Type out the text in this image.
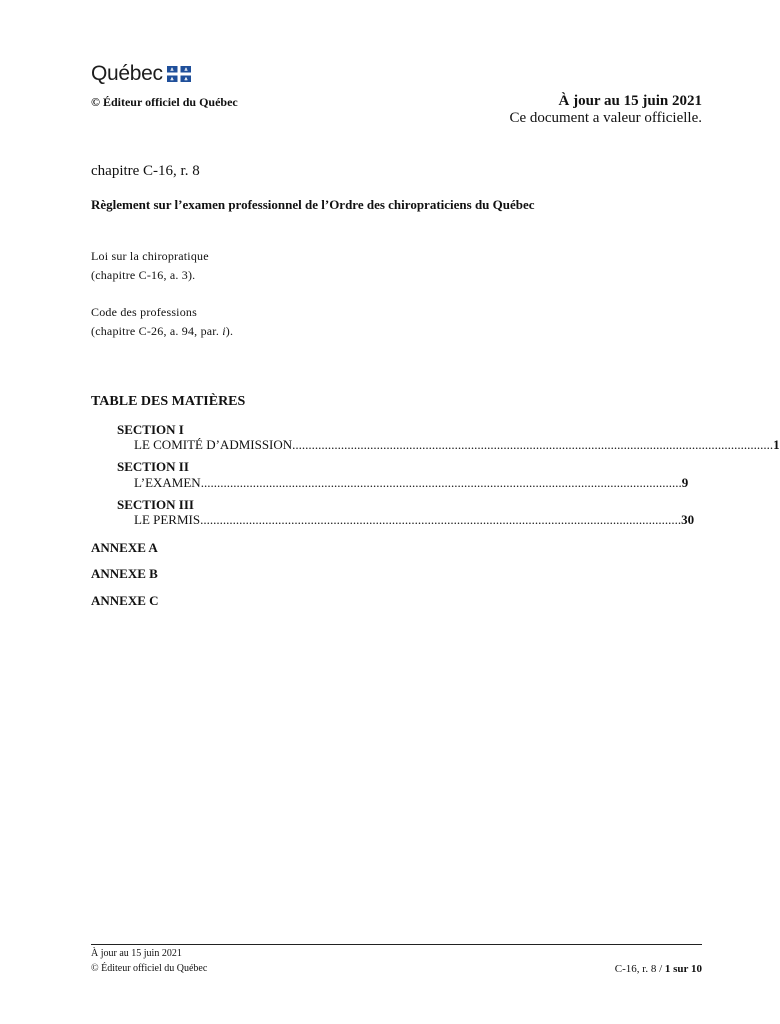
Québec
© Éditeur officiel du Québec	À jour au 15 juin 2021
Ce document a valeur officielle.
chapitre C-16, r. 8
Règlement sur l’examen professionnel de l’Ordre des chiropraticiens du Québec
Loi sur la chiropratique
(chapitre C-16, a. 3).
Code des professions
(chapitre C-26, a. 94, par. i).
TABLE DES MATIÈRES
SECTION I
LE COMITÉ D’ADMISSION .................................................................................................................................................... 1
SECTION II
L’EXAMEN .................................................................................................................................................... 9
SECTION III
LE PERMIS .................................................................................................................................................... 30
ANNEXE A
ANNEXE B
ANNEXE C
À jour au 15 juin 2021
© Éditeur officiel du Québec	C-16, r. 8 / 1 sur 10
